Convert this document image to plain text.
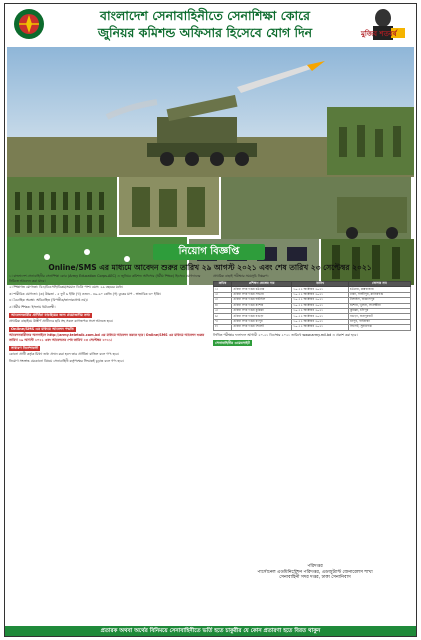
বাংলাদেশ সেনাবাহিনীতে সেনাশিক্ষা কোরে
জুনিয়র কমিশন্ড অফিসার হিসেবে যোগ দিন	মুজিব শতবর্ষ
নিয়োগ বিজ্ঞপ্তি
Online/SMS এর মাধ্যমে আবেদন শুরুর তারিখ ২৯ আগস্ট ২০২১ এবং শেষ তারিখ ২৩ সেপ্টেম্বর ২০২১

১। বাংলাদেশ সেনাবাহিনীর সেনাশিক্ষা কোর (Army Education Corps-AEC) এ জুনিয়র কমিশন্ড অফিসার (ধর্মীয় শিক্ষক) হিসেবে যোগদানের নিমিত্তে আবেদন করা যাবে।

২। শিক্ষাগত যোগ্যতা: বিএ/বিএসসি/বিকম/সমমান ডিগ্রি পাশ। বয়স: ২৯ বছরের মধ্যে।

৩। শারীরিক যোগ্যতা: (ক) উচ্চতা - ৫ ফুট ৬ ইঞ্চি (খ) ওজন - ৪৯.৯০ কেজি (গ) বুকের মাপ - স্বাভাবিক ৩০ ইঞ্চি।

৪। বৈবাহিক অবস্থা: অবিবাহিত (বিপত্নীক/তালাকপ্রাপ্ত নয়)।

৫। ধর্মীয় শিক্ষক: ইসলাম ধর্মাবলম্বী।

আবেদনকারীর প্রার্থিতা যাচাইয়ের জন্য প্রয়োজনীয় তথ্য

প্রাথমিক বাছাইয়ে উত্তীর্ণ প্রার্থীদের ছবি সহ সকল কাগজপত্র সঙ্গে আনতে হবে।

Online/SMS এর মাধ্যমে আবেদন পদ্ধতি

আবেদনকারীদের অনলাইনে http://army.teletalk.com.bd এর মাধ্যমে আবেদন করতে হবে। Online/SMS এর মাধ্যমে আবেদন শুরুর তারিখ ২৯ আগস্ট ২০২১ এবং আবেদনের শেষ তারিখ ২৩ সেপ্টেম্বর ২০২১।

সাধারণ নির্দেশাবলী

কোনো প্রার্থী কর্তৃক মিথ্যা তথ্য প্রদান করা হলে তার প্রার্থিতা বাতিল বলে গণ্য হবে।

নিয়োগ সংক্রান্ত যেকোনো বিষয়ে সেনাবাহিনী কর্তৃপক্ষের সিদ্ধান্তই চূড়ান্ত বলে গণ্য হবে।

প্রাথমিক বাছাই পরীক্ষার সময়সূচি নিম্নরূপ:

ক্রমিক	প্রশিক্ষণ কেন্দ্রের নাম	তারিখ	জেলার নাম
১।	এরিয়া সদর দপ্তর চট্টগ্রাম	১০-১২ অক্টোবর ২০২১	চট্টগ্রাম, কক্সবাজার
২।	এরিয়া সদর দপ্তর সাভার	১০-১২ অক্টোবর ২০২১	ঢাকা, গাজীপুর, মানিকগঞ্জ
৩।	এরিয়া সদর দপ্তর ঘাটাইল	১০-১২ অক্টোবর ২০২১	টাঙ্গাইল, জামালপুর
৪।	এরিয়া সদর দপ্তর যশোর	১০-১২ অক্টোবর ২০২১	যশোর, খুলনা, সাতক্ষীরা
৫।	এরিয়া সদর দপ্তর কুমিল্লা	১০-১২ অক্টোবর ২০২১	কুমিল্লা, চাঁদপুর
৬।	এরিয়া সদর দপ্তর বগুড়া	১০-১২ অক্টোবর ২০২১	বগুড়া, জয়পুরহাট
৭।	এরিয়া সদর দপ্তর রংপুর	১০-১২ অক্টোবর ২০২১	রংপুর, গাইবান্ধা
৮।	এরিয়া সদর দপ্তর সিলেট	১০-১২ অক্টোবর ২০২১	সিলেট, সুনামগঞ্জ

লিখিত পরীক্ষার ফলাফল আগামী ২০-২১ ডিসেম্বর ২০২১ তারিখে www.army.mil.bd এ প্রকাশ করা হবে।

সেনাবাহিনীর ওয়েবসাইট
পরিদপ্তর
পার্সোনেল এডমিনিস্ট্রেশন পরিদপ্তর, এডজুট্যান্ট জেনারেলস শাখা
সেনাবাহিনী সদর দপ্তর, ঢাকা সেনানিবাস
প্রতারক অথবা অর্থের বিনিময়ে সেনাবাহিনীতে ভর্তি হতে চাকুরীর যে কোন প্রতারণা হতে বিরত থাকুন
